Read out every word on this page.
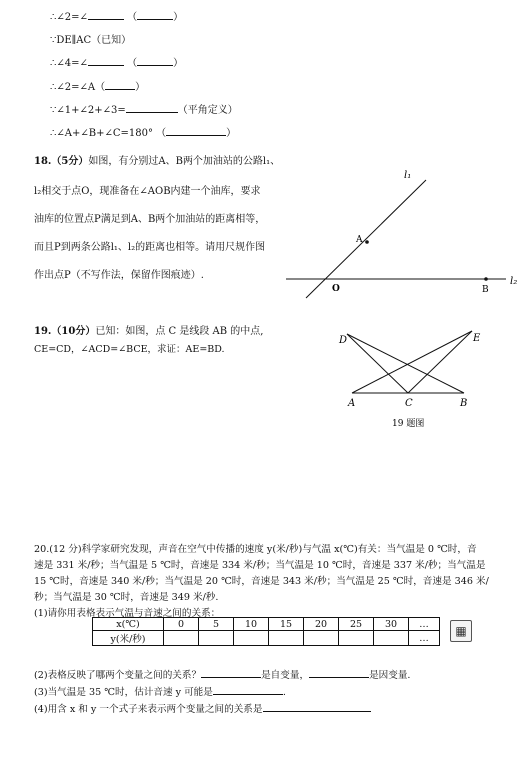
∴∠2=∠	（	）
∵DE∥AC（已知）
∴∠4=∠	（	）
∴∠2=∠A（	）
∵∠1+∠2+∠3=	（平角定义）
∴∠A+∠B+∠C=180° （	）
18.（5分）如图，有分别过A、B两个加油站的公路l₁、
l₂相交于点O，现准备在∠AOB内建一个油库，要求
油库的位置点P满足到A、B两个加油站的距离相等，
而且P到两条公路l₁、l₂的距离也相等。请用尺规作图
作出点P（不写作法，保留作图痕迹）.
l₁
l₂
A
O	B
19.（10分）已知：如图，点 C 是线段 AB 的中点,
CE=CD，∠ACD=∠BCE，求证：AE=BD.
D	E
A	C	B
19 题图
20.(12 分)科学家研究发现，声音在空气中传播的速度 y(米/秒)与气温 x(℃)有关：当气温是 0 ℃时，音
速是 331 米/秒；当气温是 5 ℃时，音速是 334 米/秒；当气温是 10 ℃时，音速是 337 米/秒；当气温是
15 ℃时，音速是 340 米/秒；当气温是 20 ℃时，音速是 343 米/秒；当气温是 25 ℃时，音速是 346 米/
秒；当气温是 30 ℃时，音速是 349 米/秒.
(1)请你用表格表示气温与音速之间的关系：
x(℃)	0	5	10	15	20	25	30	…
y(米/秒)								…	▦
(2)表格反映了哪两个变量之间的关系？	是自变量，	是因变量.
(3)当气温是 35 ℃时，估计音速 y 可能是	.
(4)用含 x 和 y 一个式子来表示两个变量之间的关系是
